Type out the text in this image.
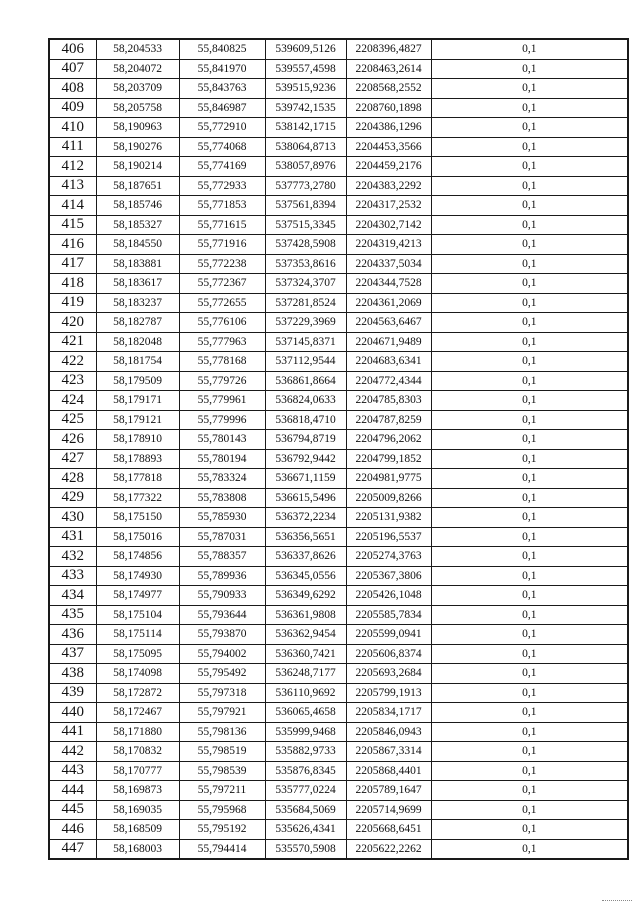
406	58,204533	55,840825	539609,5126	2208396,4827	0,1
407	58,204072	55,841970	539557,4598	2208463,2614	0,1
408	58,203709	55,843763	539515,9236	2208568,2552	0,1
409	58,205758	55,846987	539742,1535	2208760,1898	0,1
410	58,190963	55,772910	538142,1715	2204386,1296	0,1
411	58,190276	55,774068	538064,8713	2204453,3566	0,1
412	58,190214	55,774169	538057,8976	2204459,2176	0,1
413	58,187651	55,772933	537773,2780	2204383,2292	0,1
414	58,185746	55,771853	537561,8394	2204317,2532	0,1
415	58,185327	55,771615	537515,3345	2204302,7142	0,1
416	58,184550	55,771916	537428,5908	2204319,4213	0,1
417	58,183881	55,772238	537353,8616	2204337,5034	0,1
418	58,183617	55,772367	537324,3707	2204344,7528	0,1
419	58,183237	55,772655	537281,8524	2204361,2069	0,1
420	58,182787	55,776106	537229,3969	2204563,6467	0,1
421	58,182048	55,777963	537145,8371	2204671,9489	0,1
422	58,181754	55,778168	537112,9544	2204683,6341	0,1
423	58,179509	55,779726	536861,8664	2204772,4344	0,1
424	58,179171	55,779961	536824,0633	2204785,8303	0,1
425	58,179121	55,779996	536818,4710	2204787,8259	0,1
426	58,178910	55,780143	536794,8719	2204796,2062	0,1
427	58,178893	55,780194	536792,9442	2204799,1852	0,1
428	58,177818	55,783324	536671,1159	2204981,9775	0,1
429	58,177322	55,783808	536615,5496	2205009,8266	0,1
430	58,175150	55,785930	536372,2234	2205131,9382	0,1
431	58,175016	55,787031	536356,5651	2205196,5537	0,1
432	58,174856	55,788357	536337,8626	2205274,3763	0,1
433	58,174930	55,789936	536345,0556	2205367,3806	0,1
434	58,174977	55,790933	536349,6292	2205426,1048	0,1
435	58,175104	55,793644	536361,9808	2205585,7834	0,1
436	58,175114	55,793870	536362,9454	2205599,0941	0,1
437	58,175095	55,794002	536360,7421	2205606,8374	0,1
438	58,174098	55,795492	536248,7177	2205693,2684	0,1
439	58,172872	55,797318	536110,9692	2205799,1913	0,1
440	58,172467	55,797921	536065,4658	2205834,1717	0,1
441	58,171880	55,798136	535999,9468	2205846,0943	0,1
442	58,170832	55,798519	535882,9733	2205867,3314	0,1
443	58,170777	55,798539	535876,8345	2205868,4401	0,1
444	58,169873	55,797211	535777,0224	2205789,1647	0,1
445	58,169035	55,795968	535684,5069	2205714,9699	0,1
446	58,168509	55,795192	535626,4341	2205668,6451	0,1
447	58,168003	55,794414	535570,5908	2205622,2262	0,1
